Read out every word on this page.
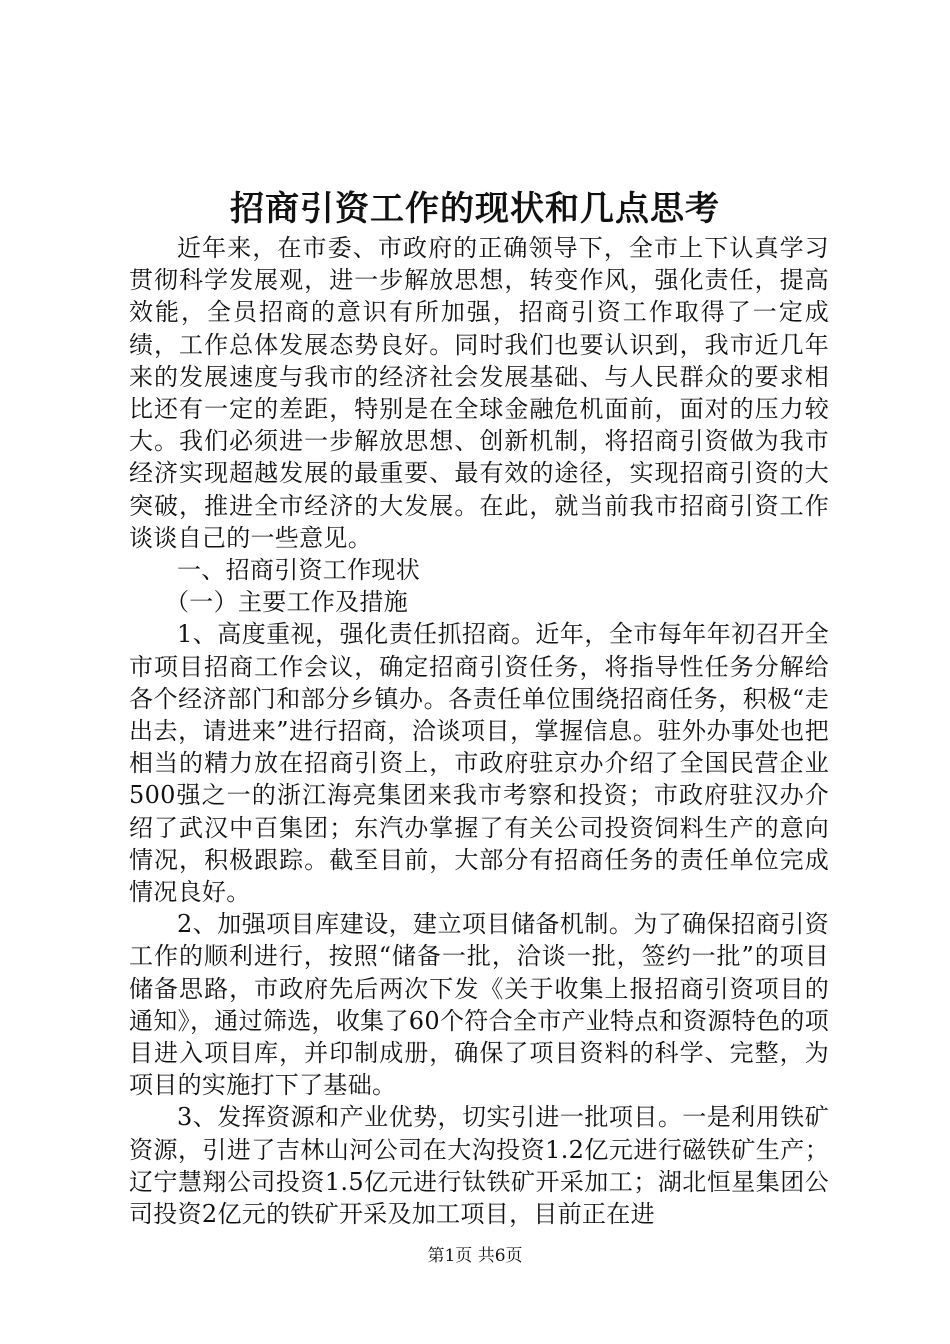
招商引资工作的现状和几点思考

近年来，在市委、市政府的正确领导下，全市上下认真学习贯彻科学发展观，进一步解放思想，转变作风，强化责任，提高效能，全员招商的意识有所加强，招商引资工作取得了一定成绩，工作总体发展态势良好。同时我们也要认识到，我市近几年来的发展速度与我市的经济社会发展基础、与人民群众的要求相比还有一定的差距，特别是在全球金融危机面前，面对的压力较大。我们必须进一步解放思想、创新机制，将招商引资做为我市经济实现超越发展的最重要、最有效的途径，实现招商引资的大突破，推进全市经济的大发展。在此，就当前我市招商引资工作谈谈自己的一些意见。

一、招商引资工作现状

（一）主要工作及措施

1、高度重视，强化责任抓招商。近年，全市每年年初召开全市项目招商工作会议，确定招商引资任务，将指导性任务分解给各个经济部门和部分乡镇办。各责任单位围绕招商任务，积极“走出去，请进来”进行招商，洽谈项目，掌握信息。驻外办事处也把相当的精力放在招商引资上，市政府驻京办介绍了全国民营企业500强之一的浙江海亮集团来我市考察和投资；市政府驻汉办介绍了武汉中百集团；东汽办掌握了有关公司投资饲料生产的意向情况，积极跟踪。截至目前，大部分有招商任务的责任单位完成情况良好。

2、加强项目库建设，建立项目储备机制。为了确保招商引资工作的顺利进行，按照“储备一批，洽谈一批，签约一批”的项目储备思路，市政府先后两次下发《关于收集上报招商引资项目的通知》，通过筛选，收集了60个符合全市产业特点和资源特色的项目进入项目库，并印制成册，确保了项目资料的科学、完整，为项目的实施打下了基础。

3、发挥资源和产业优势，切实引进一批项目。一是利用铁矿资源，引进了吉林山河公司在大沟投资1.2亿元进行磁铁矿生产；辽宁慧翔公司投资1.5亿元进行钛铁矿开采加工；湖北恒星集团公司投资2亿元的铁矿开采及加工项目，目前正在进

第1页 共6页
